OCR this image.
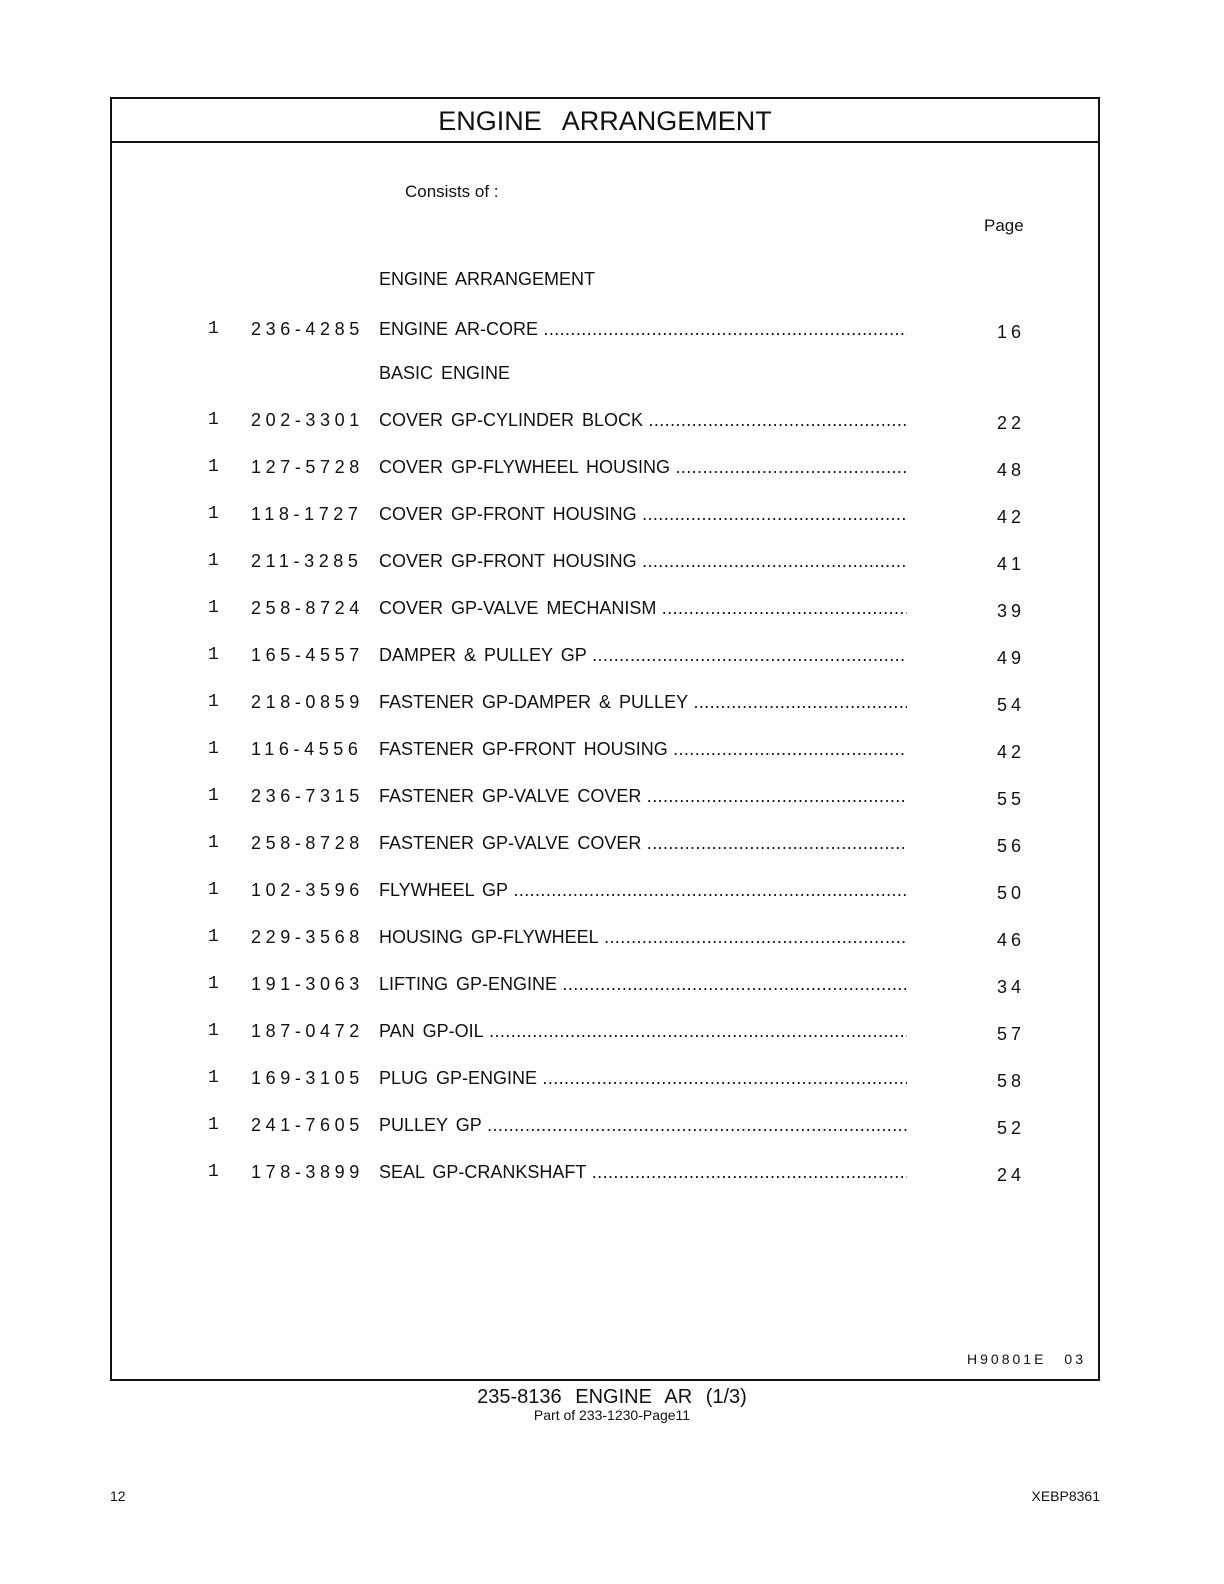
ENGINE ARRANGEMENT
Consists of :
Page
ENGINE ARRANGEMENT
1 236-4285 ENGINE AR-CORE .....	16
BASIC ENGINE
1 202-3301 COVER GP-CYLINDER BLOCK .....	22
1 127-5728 COVER GP-FLYWHEEL HOUSING .....	48
1 118-1727 COVER GP-FRONT HOUSING .....	42
1 211-3285 COVER GP-FRONT HOUSING .....	41
1 258-8724 COVER GP-VALVE MECHANISM .....	39
1 165-4557 DAMPER & PULLEY GP .....	49
1 218-0859 FASTENER GP-DAMPER & PULLEY .....	54
1 116-4556 FASTENER GP-FRONT HOUSING .....	42
1 236-7315 FASTENER GP-VALVE COVER .....	55
1 258-8728 FASTENER GP-VALVE COVER .....	56
1 102-3596 FLYWHEEL GP .....	50
1 229-3568 HOUSING GP-FLYWHEEL .....	46
1 191-3063 LIFTING GP-ENGINE .....	34
1 187-0472 PAN GP-OIL .....	57
1 169-3105 PLUG GP-ENGINE .....	58
1 241-7605 PULLEY GP .....	52
1 178-3899 SEAL GP-CRANKSHAFT .....	24
H90801E 03
235-8136 ENGINE AR (1/3)
Part of 233-1230-Page11
12	XEBP8361
